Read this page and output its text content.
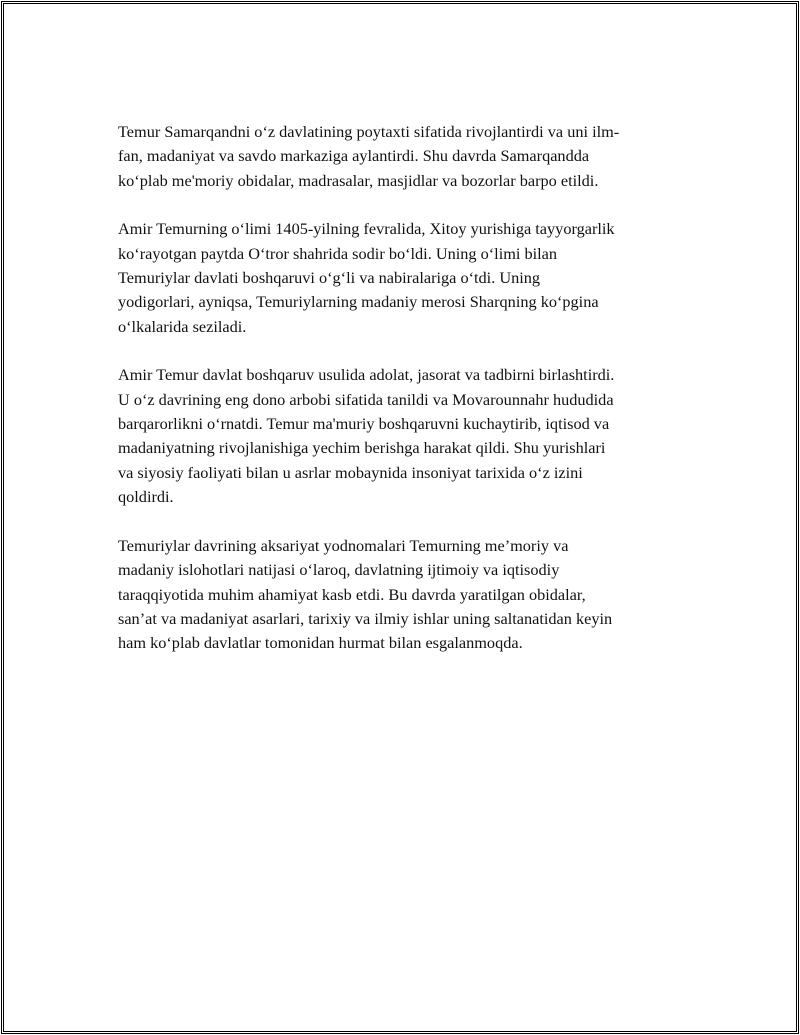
Temur Samarqandni o‘z davlatining poytaxti sifatida rivojlantirdi va uni ilm-
fan, madaniyat va savdo markaziga aylantirdi. Shu davrda Samarqandda
ko‘plab me'moriy obidalar, madrasalar, masjidlar va bozorlar barpo etildi.

Amir Temurning o‘limi 1405-yilning fevralida, Xitoy yurishiga tayyorgarlik
ko‘rayotgan paytda O‘tror shahrida sodir bo‘ldi. Uning o‘limi bilan
Temuriylar davlati boshqaruvi o‘g‘li va nabiralariga o‘tdi. Uning
yodigorlari, ayniqsa, Temuriylarning madaniy merosi Sharqning ko‘pgina
o‘lkalarida seziladi.

Amir Temur davlat boshqaruv usulida adolat, jasorat va tadbirni birlashtirdi.
U o‘z davrining eng dono arbobi sifatida tanildi va Movarounnahr hududida
barqarorlikni o‘rnatdi. Temur ma'muriy boshqaruvni kuchaytirib, iqtisod va
madaniyatning rivojlanishiga yechim berishga harakat qildi. Shu yurishlari
va siyosiy faoliyati bilan u asrlar mobaynida insoniyat tarixida o‘z izini
qoldirdi.

Temuriylar davrining aksariyat yodnomalari Temurning me’moriy va
madaniy islohotlari natijasi o‘laroq, davlatning ijtimoiy va iqtisodiy
taraqqiyotida muhim ahamiyat kasb etdi. Bu davrda yaratilgan obidalar,
san’at va madaniyat asarlari, tarixiy va ilmiy ishlar uning saltanatidan keyin
ham ko‘plab davlatlar tomonidan hurmat bilan esgalanmoqda.
